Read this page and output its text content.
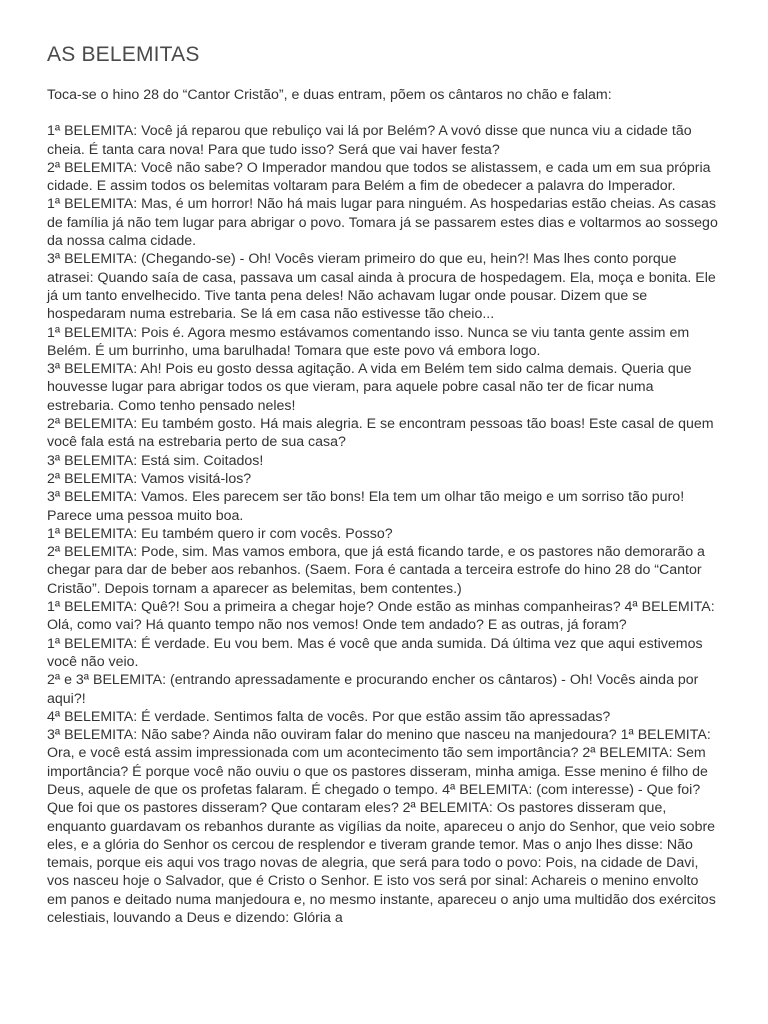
AS BELEMITAS
Toca-se o hino 28 do “Cantor Cristão”, e duas entram, põem os cântaros no chão e falam:

1ª BELEMITA: Você já reparou que rebuliço vai lá por Belém? A vovó disse que nunca viu a cidade tão cheia. É tanta cara nova! Para que tudo isso? Será que vai haver festa?

2ª BELEMITA: Você não sabe? O Imperador mandou que todos se alistassem, e cada um em sua própria cidade. E assim todos os belemitas voltaram para Belém a fim de obedecer a palavra do Imperador.

1ª BELEMITA: Mas, é um horror! Não há mais lugar para ninguém. As hospedarias estão cheias. As casas de família já não tem lugar para abrigar o povo. Tomara já se passarem estes dias e voltarmos ao sossego da nossa calma cidade.

3ª BELEMITA: (Chegando-se) - Oh! Vocês vieram primeiro do que eu, hein?! Mas lhes conto porque atrasei: Quando saía de casa, passava um casal ainda à procura de hospedagem. Ela, moça e bonita. Ele já um tanto envelhecido. Tive tanta pena deles! Não achavam lugar onde pousar. Dizem que se hospedaram numa estrebaria. Se lá em casa não estivesse tão cheio...

1ª BELEMITA: Pois é. Agora mesmo estávamos comentando isso. Nunca se viu tanta gente assim em Belém. É um burrinho, uma barulhada! Tomara que este povo vá embora logo.

3ª BELEMITA: Ah! Pois eu gosto dessa agitação. A vida em Belém tem sido calma demais. Queria que houvesse lugar para abrigar todos os que vieram, para aquele pobre casal não ter de ficar numa estrebaria. Como tenho pensado neles!

2ª BELEMITA: Eu também gosto. Há mais alegria. E se encontram pessoas tão boas! Este casal de quem você fala está na estrebaria perto de sua casa?

3ª BELEMITA: Está sim. Coitados!

2ª BELEMITA: Vamos visitá-los?

3ª BELEMITA: Vamos. Eles parecem ser tão bons! Ela tem um olhar tão meigo e um sorriso tão puro! Parece uma pessoa muito boa.

1ª BELEMITA: Eu também quero ir com vocês. Posso?

2ª BELEMITA: Pode, sim. Mas vamos embora, que já está ficando tarde, e os pastores não demorarão a chegar para dar de beber aos rebanhos. (Saem. Fora é cantada a terceira estrofe do hino 28 do “Cantor Cristão”. Depois tornam a aparecer as belemitas, bem contentes.)

1ª BELEMITA: Quê?! Sou a primeira a chegar hoje? Onde estão as minhas companheiras? 4ª BELEMITA: Olá, como vai? Há quanto tempo não nos vemos! Onde tem andado? E as outras, já foram?

1ª BELEMITA: É verdade. Eu vou bem. Mas é você que anda sumida. Dá última vez que aqui estivemos você não veio.

2ª e 3ª BELEMITA: (entrando apressadamente e procurando encher os cântaros) - Oh! Vocês ainda por aqui?!

4ª BELEMITA: É verdade. Sentimos falta de vocês. Por que estão assim tão apressadas?

3ª BELEMITA: Não sabe? Ainda não ouviram falar do menino que nasceu na manjedoura? 1ª BELEMITA: Ora, e você está assim impressionada com um acontecimento tão sem importância? 2ª BELEMITA: Sem importância? É porque você não ouviu o que os pastores disseram, minha amiga. Esse menino é filho de Deus, aquele de que os profetas falaram. É chegado o tempo. 4ª BELEMITA: (com interesse) - Que foi? Que foi que os pastores disseram? Que contaram eles? 2ª BELEMITA: Os pastores disseram que, enquanto guardavam os rebanhos durante as vigílias da noite, apareceu o anjo do Senhor, que veio sobre eles, e a glória do Senhor os cercou de resplendor e tiveram grande temor. Mas o anjo lhes disse: Não temais, porque eis aqui vos trago novas de alegria, que será para todo o povo: Pois, na cidade de Davi, vos nasceu hoje o Salvador, que é Cristo o Senhor. E isto vos será por sinal: Achareis o menino envolto em panos e deitado numa manjedoura e, no mesmo instante, apareceu o anjo uma multidão dos exércitos celestiais, louvando a Deus e dizendo: Glória a
